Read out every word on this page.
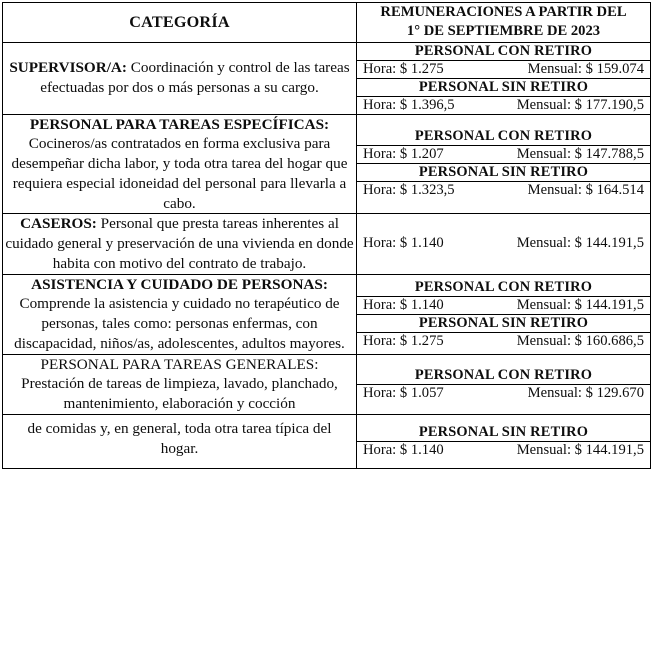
CATEGORÍA	
REMUNERACIONES A PARTIR DEL
1° DE SEPTIEMBRE DE 2023

SUPERVISOR/A: Coordinación y control de las tareas efectuadas por dos o más personas a su cargo.	
PERSONAL CON RETIRO

Hora: $ 1.275	Mensual: $ 159.074

PERSONAL SIN RETIRO

Hora: $ 1.396,5	Mensual: $ 177.190,5

PERSONAL PARA TAREAS ESPECÍFICAS:
Cocineros/as contratados en forma exclusiva para desempeñar dicha labor, y toda otra tarea del hogar que requiera especial idoneidad del personal para llevarla a cabo.

PERSONAL CON RETIRO

Hora: $ 1.207	Mensual: $ 147.788,5

PERSONAL SIN RETIRO

Hora: $ 1.323,5	Mensual: $ 164.514

CASEROS: Personal que presta tareas inherentes al cuidado general y preservación de una vivienda en donde habita con motivo del contrato de trabajo.	
Hora: $ 1.140	Mensual: $ 144.191,5

ASISTENCIA Y CUIDADO DE PERSONAS:
Comprende la asistencia y cuidado no terapéutico de personas, tales como: personas enfermas, con discapacidad, niños/as, adolescentes, adultos mayores.

PERSONAL CON RETIRO

Hora: $ 1.140	Mensual: $ 144.191,5

PERSONAL SIN RETIRO

Hora: $ 1.275	Mensual: $ 160.686,5

PERSONAL PARA TAREAS GENERALES:
Prestación de tareas de limpieza, lavado, planchado, mantenimiento, elaboración y cocción

PERSONAL CON RETIRO

Hora: $ 1.057	Mensual: $ 129.670

de comidas y, en general, toda otra tarea típica del hogar.

PERSONAL SIN RETIRO

Hora: $ 1.140	Mensual: $ 144.191,5
